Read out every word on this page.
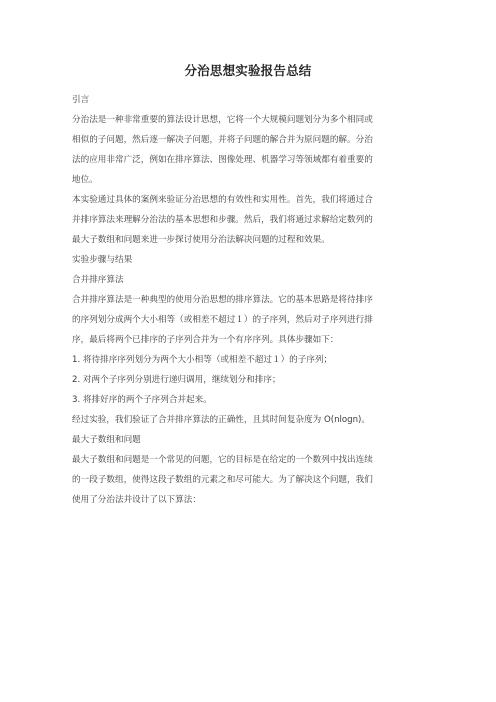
分治思想实验报告总结
引言
分治法是一种非常重要的算法设计思想，它将一个大规模问题划分为多个相同或
相似的子问题，然后逐一解决子问题，并将子问题的解合并为原问题的解。分治
法的应用非常广泛，例如在排序算法、图像处理、机器学习等领域都有着重要的
地位。
本实验通过具体的案例来验证分治思想的有效性和实用性。首先，我们将通过合
并排序算法来理解分治法的基本思想和步骤。然后，我们将通过求解给定数列的
最大子数组和问题来进一步探讨使用分治法解决问题的过程和效果。
实验步骤与结果
合并排序算法
合并排序算法是一种典型的使用分治思想的排序算法。它的基本思路是将待排序
的序列划分成两个大小相等（或相差不超过１）的子序列，然后对子序列进行排
序，最后将两个已排序的子序列合并为一个有序序列。具体步骤如下：
1. 将待排序序列划分为两个大小相等（或相差不超过１）的子序列；
2. 对两个子序列分别进行递归调用，继续划分和排序；
3. 将排好序的两个子序列合并起来。
经过实验，我们验证了合并排序算法的正确性，且其时间复杂度为 O(nlogn)。
最大子数组和问题
最大子数组和问题是一个常见的问题，它的目标是在给定的一个数列中找出连续
的一段子数组，使得这段子数组的元素之和尽可能大。为了解决这个问题，我们
使用了分治法并设计了以下算法：
